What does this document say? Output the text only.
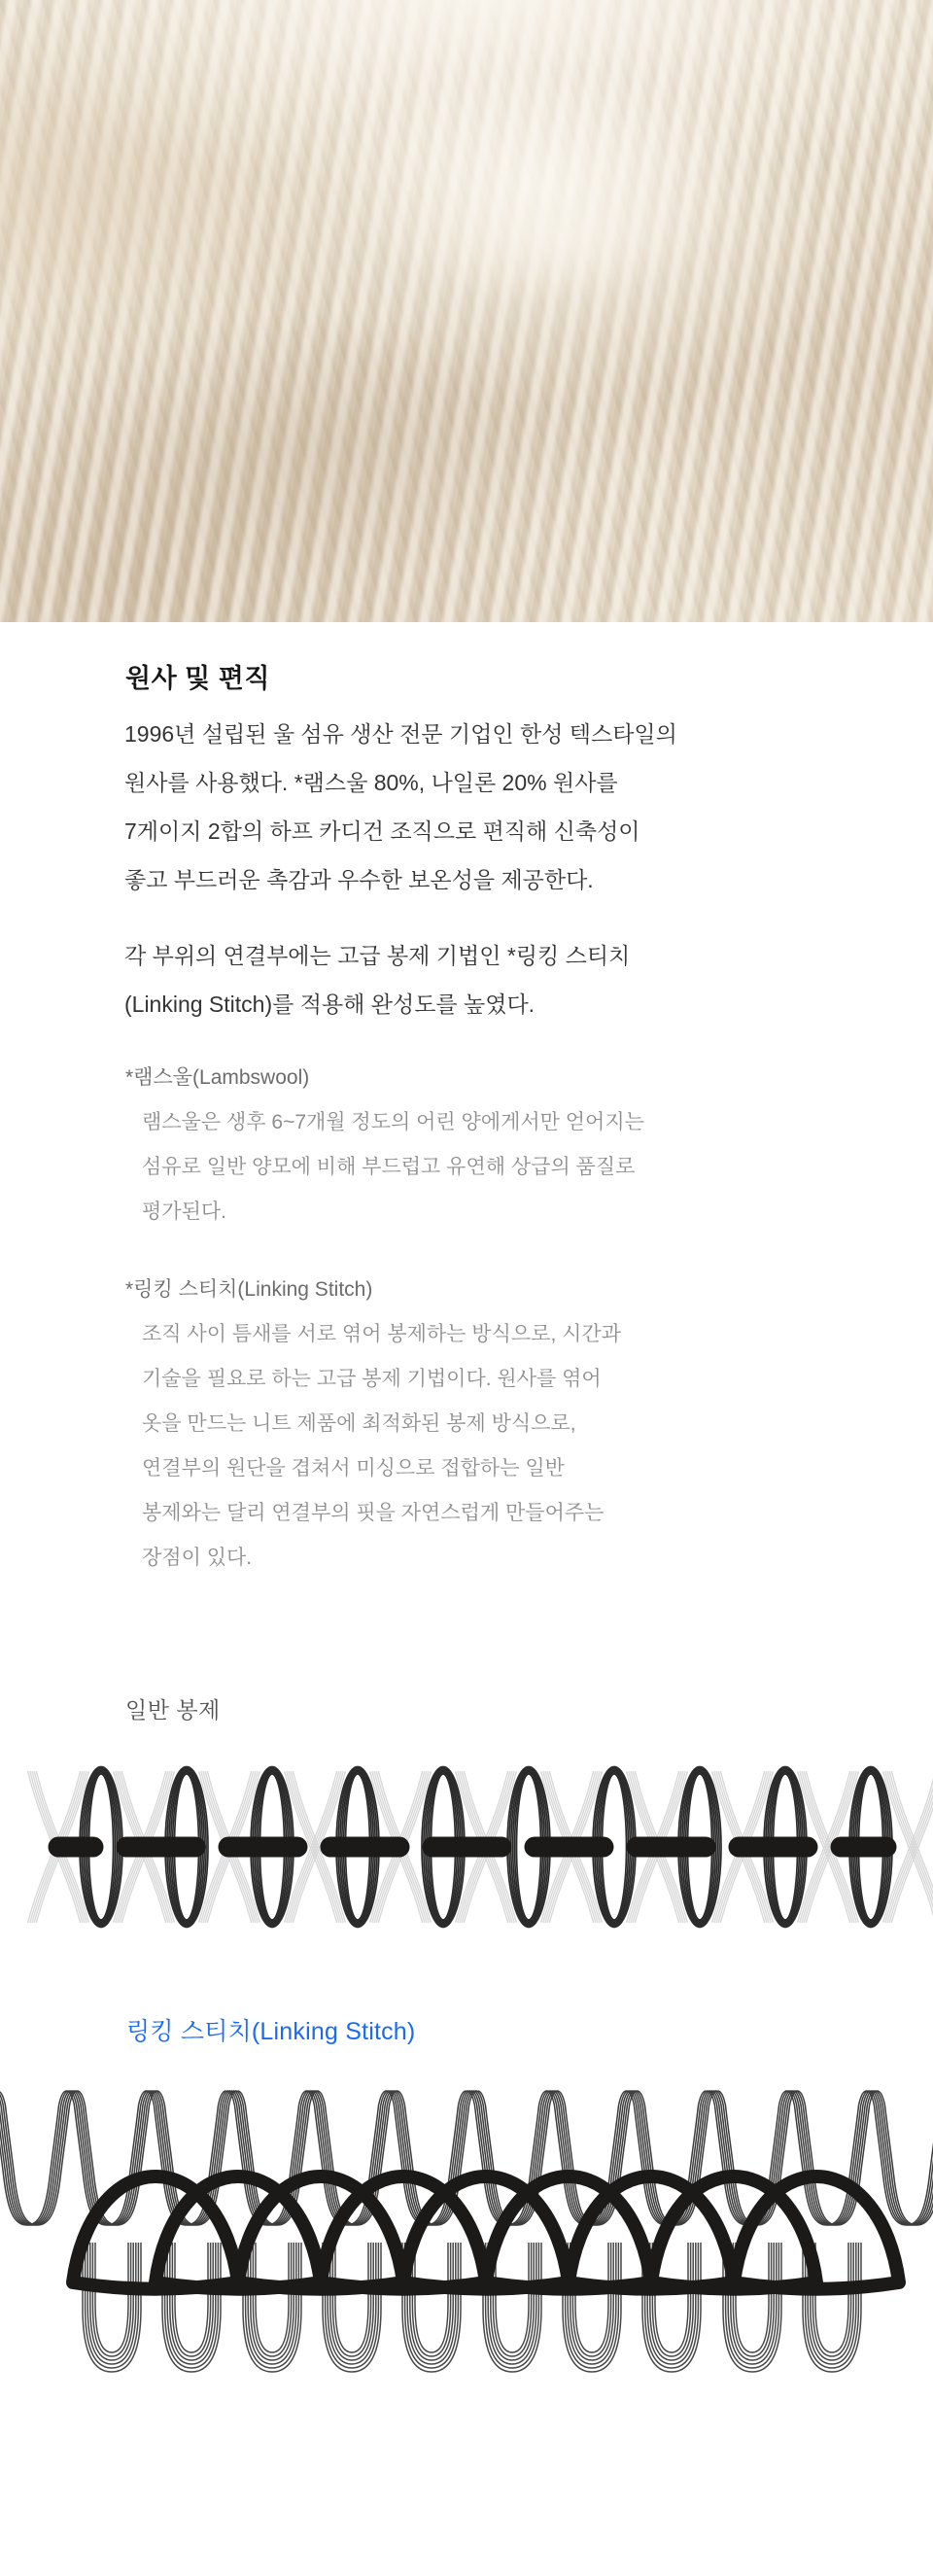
원사 및 편직
1996년 설립된 울 섬유 생산 전문 기업인 한성 텍스타일의
원사를 사용했다. *램스울 80%, 나일론 20% 원사를
7게이지 2합의 하프 카디건 조직으로 편직해 신축성이
좋고 부드러운 촉감과 우수한 보온성을 제공한다.
각 부위의 연결부에는 고급 봉제 기법인 *링킹 스티치
(Linking Stitch)를 적용해 완성도를 높였다.
*램스울(Lambswool)
램스울은 생후 6~7개월 정도의 어린 양에게서만 얻어지는
섬유로 일반 양모에 비해 부드럽고 유연해 상급의 품질로
평가된다.
*링킹 스티치(Linking Stitch)
조직 사이 틈새를 서로 엮어 봉제하는 방식으로, 시간과
기술을 필요로 하는 고급 봉제 기법이다. 원사를 엮어
옷을 만드는 니트 제품에 최적화된 봉제 방식으로,
연결부의 원단을 겹쳐서 미싱으로 접합하는 일반
봉제와는 달리 연결부의 핏을 자연스럽게 만들어주는
장점이 있다.
일반 봉제
링킹 스티치(Linking Stitch)
